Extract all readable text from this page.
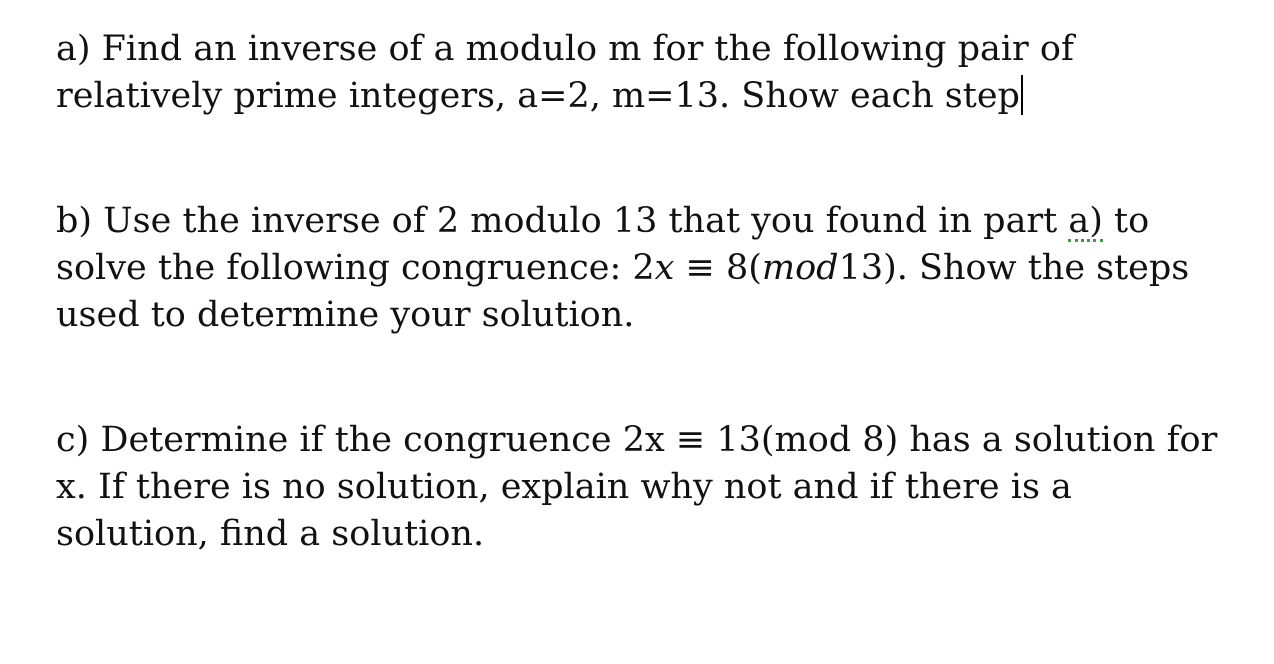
a) Find an inverse of a modulo m for the following pair of relatively prime integers, a=2, m=13. Show each step

b) Use the inverse of 2 modulo 13 that you found in part a) to solve the following congruence: 2x ≡ 8(mod13). Show the steps used to determine your solution.

c) Determine if the congruence 2x ≡ 13(mod 8) has a solution for x. If there is no solution, explain why not and if there is a solution, find a solution.
